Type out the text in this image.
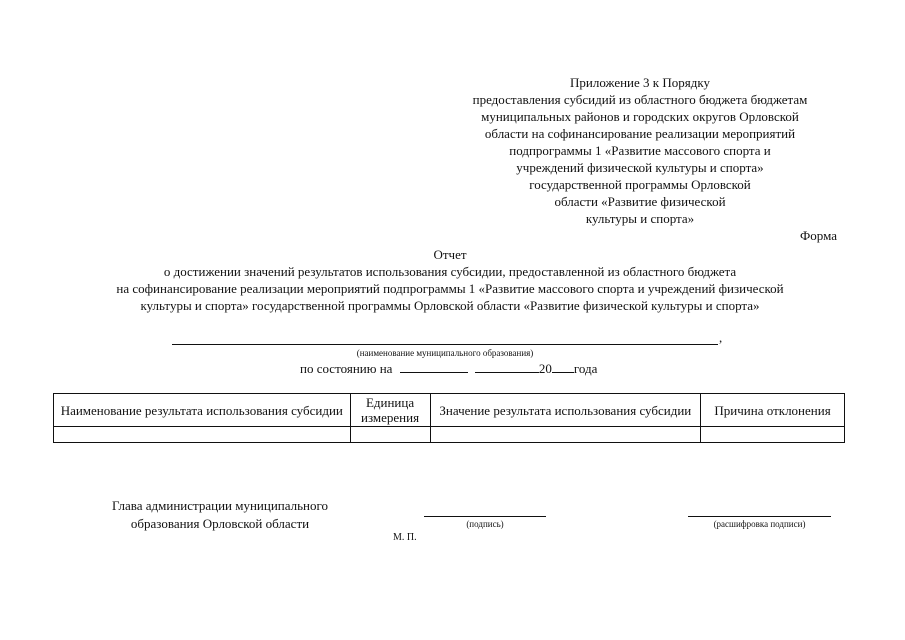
Приложение 3 к Порядку
предоставления субсидий из областного бюджета бюджетам
муниципальных районов и городских округов Орловской
области на софинансирование реализации мероприятий
подпрограммы 1 «Развитие массового спорта и
учреждений физической культуры и спорта»
государственной программы Орловской
области «Развитие физической
культуры и спорта»
Форма
Отчет
о достижении значений результатов использования субсидии, предоставленной из областного бюджета
на софинансирование реализации мероприятий подпрограммы 1 «Развитие массового спорта и учреждений физической
культуры и спорта» государственной программы Орловской области «Развитие физической культуры и спорта»
,
(наименование муниципального образования)
по состоянию на	20 года
Наименование результата использования субсидии	Единица измерения	Значение результата использования субсидии	Причина отклонения

Глава администрации муниципального
образования Орловской области	(подпись)	(расшифровка подписи)
М. П.
